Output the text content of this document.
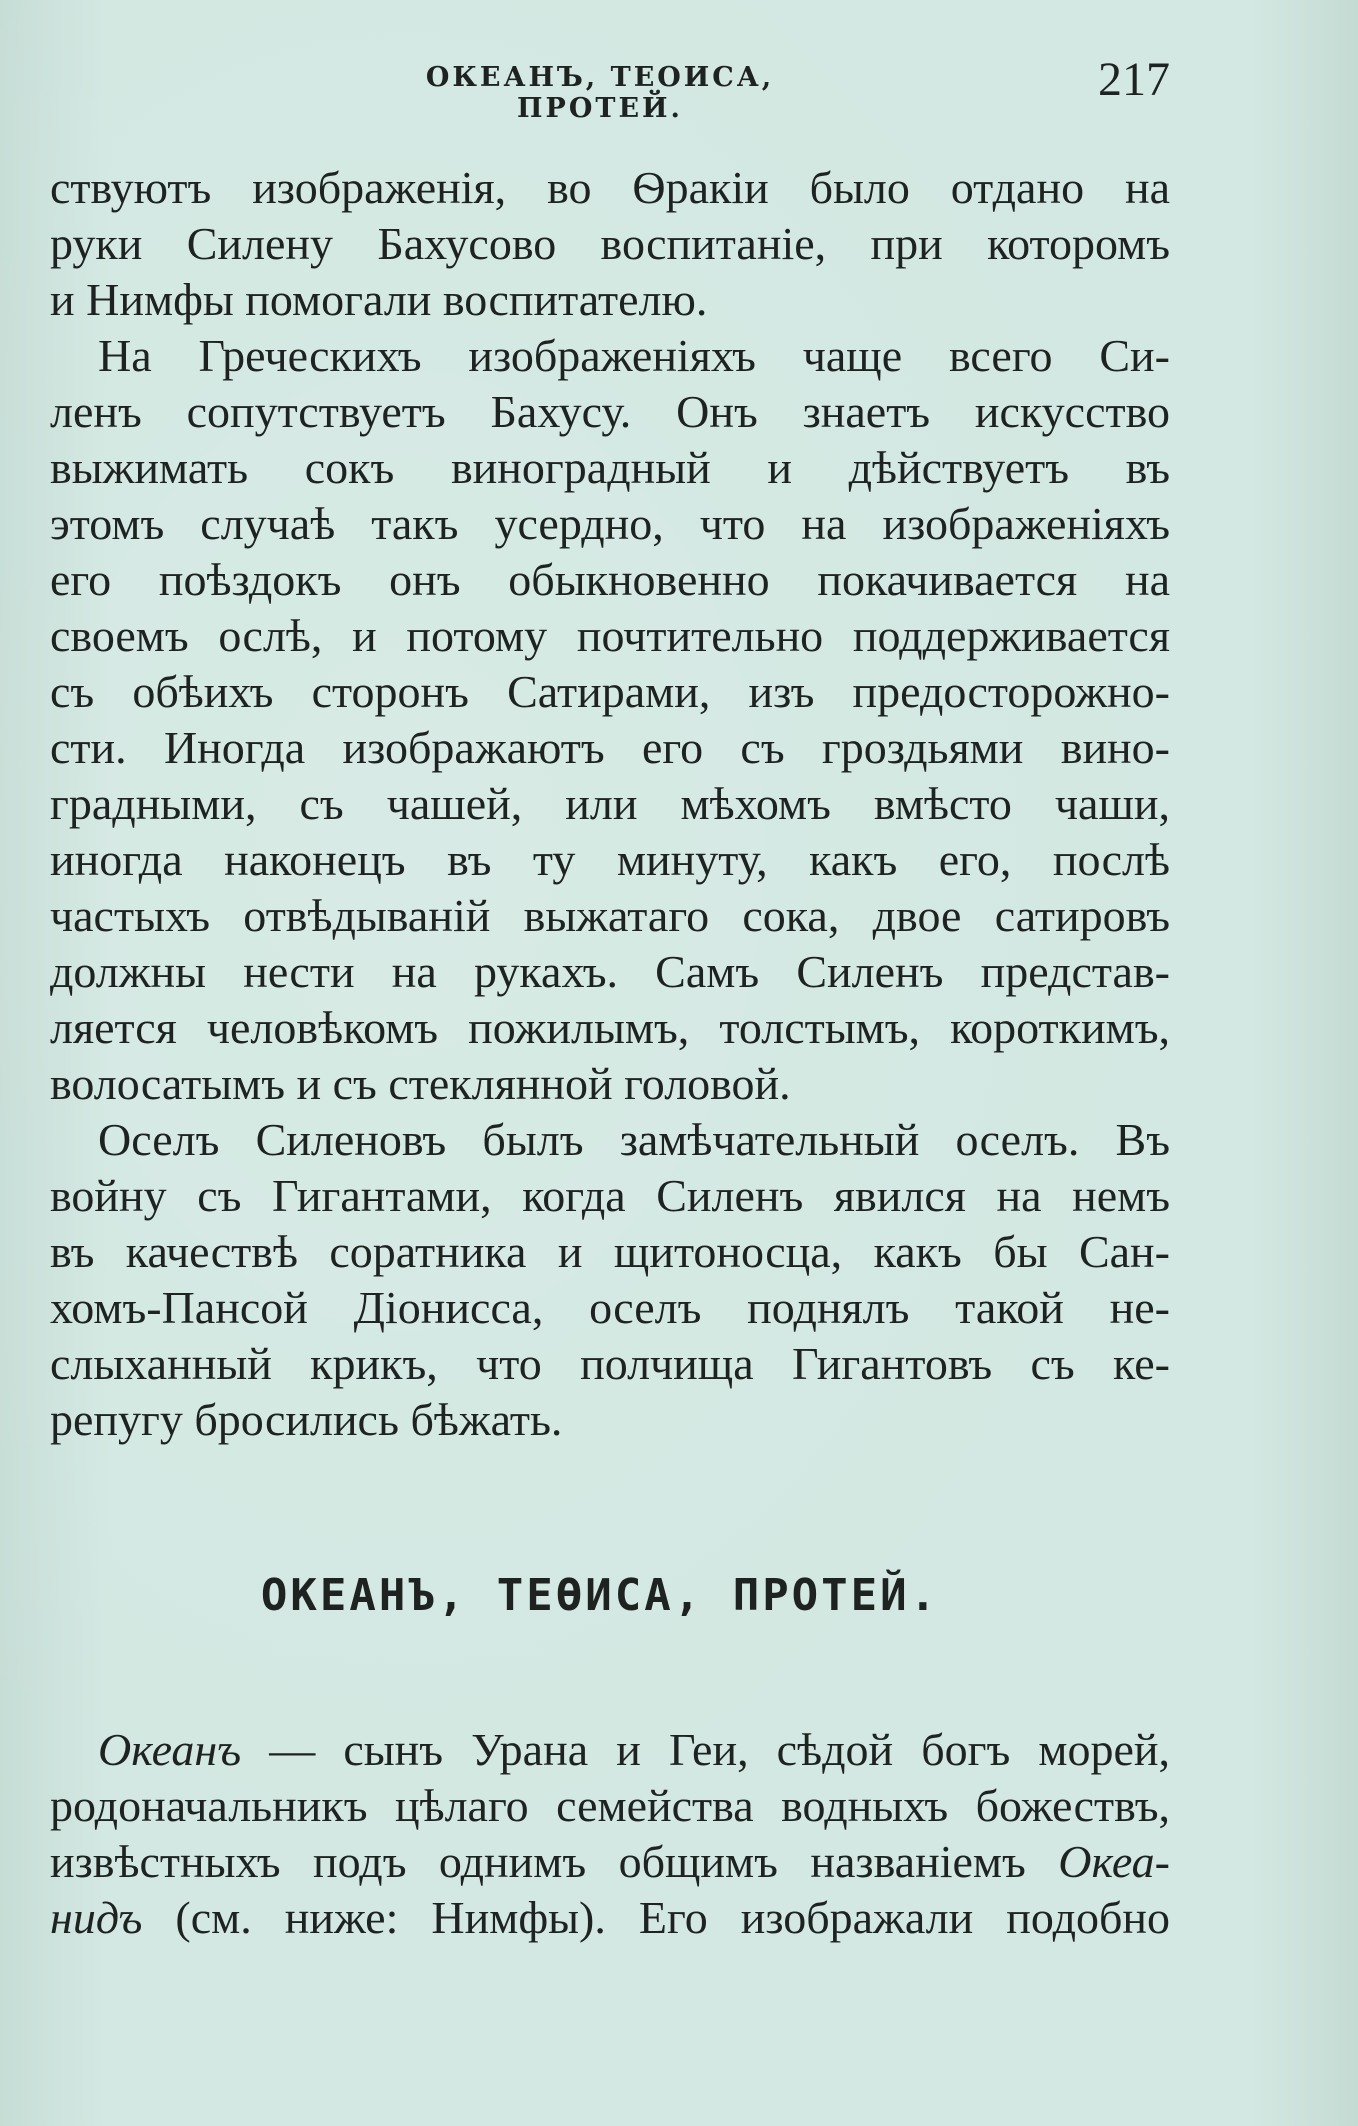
ОКЕАНЪ, ТЕОИСА, ПРОТЕЙ.
217
ствуютъ изображенія, во Ѳракіи было отдано на
руки Силену Бахусово воспитаніе, при которомъ
и Нимфы помогали воспитателю.
На Греческихъ изображеніяхъ чаще всего Си-
ленъ сопутствуетъ Бахусу. Онъ знаетъ искусство
выжимать сокъ виноградный и дѣйствуетъ въ
этомъ случаѣ такъ усердно, что на изображеніяхъ
его поѣздокъ онъ обыкновенно покачивается на
своемъ ослѣ, и потому почтительно поддерживается
съ обѣихъ сторонъ Сатирами, изъ предосторожно-
сти. Иногда изображаютъ его съ гроздьями вино-
градными, съ чашей, или мѣхомъ вмѣсто чаши,
иногда наконецъ въ ту минуту, какъ его, послѣ
частыхъ отвѣдываній выжатаго сока, двое сатировъ
должны нести на рукахъ. Самъ Силенъ представ-
ляется человѣкомъ пожилымъ, толстымъ, короткимъ,
волосатымъ и съ стеклянной головой.
Оселъ Силеновъ былъ замѣчательный оселъ. Въ
войну съ Гигантами, когда Силенъ явился на немъ
въ качествѣ соратника и щитоносца, какъ бы Сан-
хомъ-Пансой Діонисса, оселъ поднялъ такой не-
слыханный крикъ, что полчища Гигантовъ съ ке-
репугу бросились бѣжать.
ОКЕАНЪ, ТЕѲИСА, ПРОТЕЙ.
Океанъ — сынъ Урана и Геи, сѣдой богъ морей,
родоначальникъ цѣлаго семейства водныхъ божествъ,
извѣстныхъ подъ однимъ общимъ названіемъ Океа-
нидъ (см. ниже: Нимфы). Его изображали подобно
